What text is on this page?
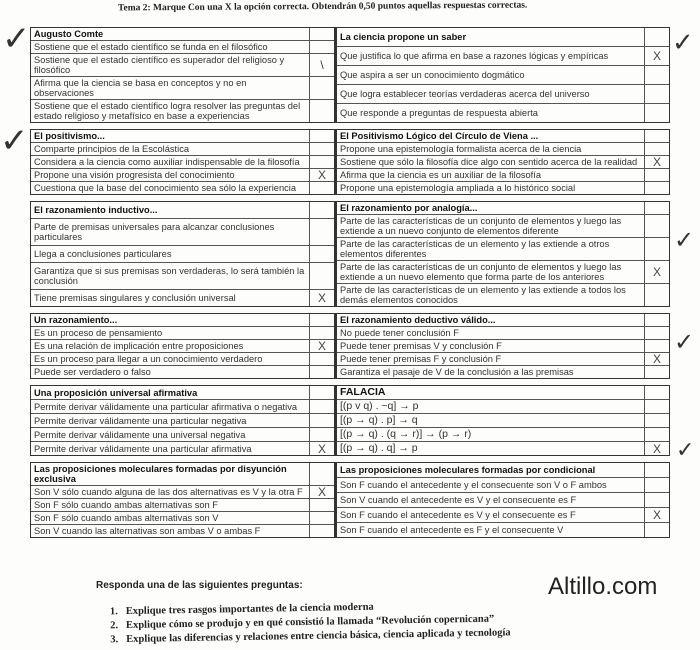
Tema 2: Marque Con una X la opción correcta. Obtendrán 0,50 puntos aquellas respuestas correctas.
Augusto Comte
Sostiene que el estado científico se funda en el filosófico
Sostiene que el estado científico es superador del religioso y filosófico	\
Afirma que la ciencia se basa en conceptos y no en observaciones
Sostiene que el estado científico logra resolver las preguntas del estado religioso y metafísico en base a experiencias
La ciencia propone un saber
Que justifica lo que afirma en base a razones lógicas y empíricas	X
Que aspira a ser un conocimiento dogmático
Que logra establecer teorías verdaderas acerca del universo
Que responde a preguntas de respuesta abierta
El positivismo...
Comparte principios de la Escolástica
Considera a la ciencia como auxiliar indispensable de la filosofía
Propone una visión progresista del conocimiento	X
Cuestiona que la base del conocimiento sea sólo la experiencia
El Positivismo Lógico del Círculo de Viena ...
Propone una epistemología formalista acerca de la ciencia
Sostiene que sólo la filosofía dice algo con sentido acerca de la realidad	X
Afirma que la ciencia es un auxiliar de la filosofía
Propone una epistemología ampliada a lo histórico social
El razonamiento inductivo...
Parte de premisas universales para alcanzar conclusiones particulares
Llega a conclusiones particulares
Garantiza que si sus premisas son verdaderas, lo será también la conclusión
Tiene premisas singulares y conclusión universal	X
El razonamiento por analogía...
Parte de las características de un conjunto de elementos y luego las extiende a un nuevo conjunto de elementos diferente
Parte de las características de un elemento y las extiende a otros elementos diferentes
Parte de las características de un conjunto de elementos y luego las extiende a un nuevo elemento que forma parte de los anteriores	X
Parte de las características de un elemento y las extiende a todos los demás elementos conocidos
Un razonamiento...
Es un proceso de pensamiento
Es una relación de implicación entre proposiciones	X
Es un proceso para llegar a un conocimiento verdadero
Puede ser verdadero o falso
El razonamiento deductivo válido...
No puede tener conclusión F
Puede tener premisas V y conclusión F
Puede tener premisas F y conclusión F	X
Garantiza el pasaje de V de la conclusión a las premisas
Una proposición universal afirmativa
Permite derivar válidamente una particular afirmativa o negativa
Permite derivar válidamente una particular negativa
Permite derivar válidamente una universal negativa
Permite derivar válidamente una particular afirmativa	X
FALACIA
[(p v q) . ~q] → p
[(p → q) . p] → q
[(p → q) . (q → r)] → (p → r)
[(p → q) . q] → p	X
Las proposiciones moleculares formadas por disyunción exclusiva
Son V sólo cuando alguna de las dos alternativas es V y la otra F	X
Son F sólo cuando ambas alternativas son F
Son F sólo cuando ambas alternativas son V
Son V cuando las alternativas son ambas V o ambas F
Las proposiciones moleculares formadas por condicional
Son F cuando el antecedente y el consecuente son V o F ambos
Son V cuando el antecedente es V y el consecuente es F
Son F cuando el antecedente es V y el consecuente es F	X
Son F cuando el antecedente es F y el consecuente V
✓	✓
✓
✓
✓
✓
Responda una de las siguientes preguntas:
1. Explique tres rasgos importantes de la ciencia moderna
2. Explique cómo se produjo y en qué consistió la llamada “Revolución copernicana”
3. Explique las diferencias y relaciones entre ciencia básica, ciencia aplicada y tecnología
Altillo.com
